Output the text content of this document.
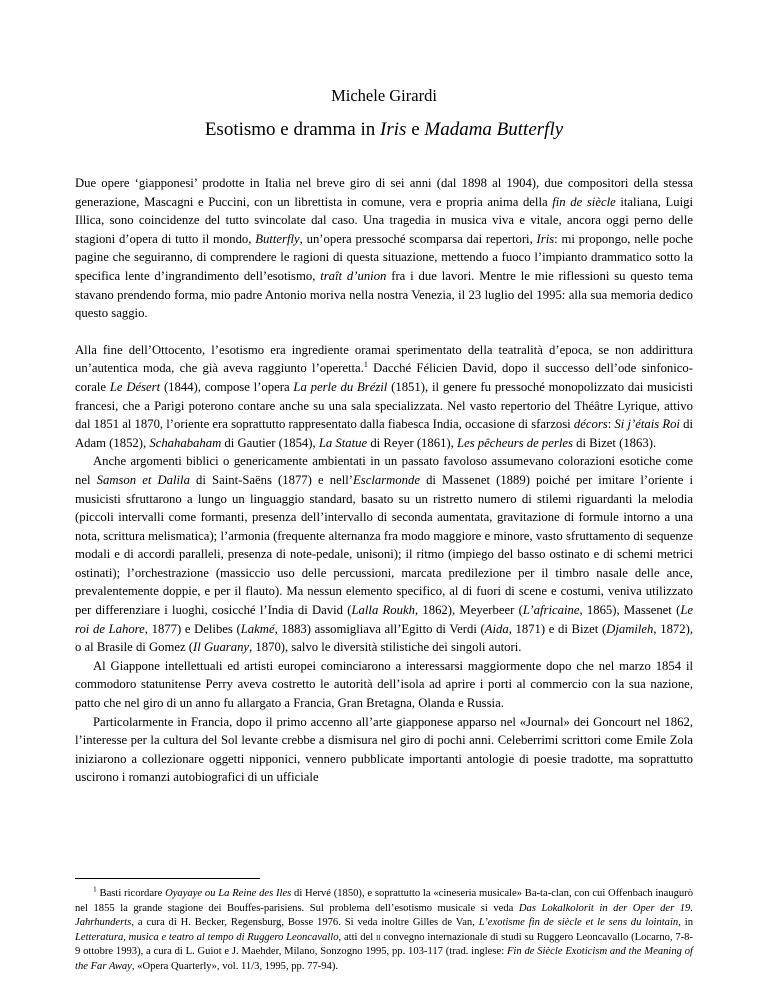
Michele Girardi
Esotismo e dramma in Iris e Madama Butterfly

Due opere ‘giapponesi’ prodotte in Italia nel breve giro di sei anni (dal 1898 al 1904), due compositori della stessa generazione, Mascagni e Puccini, con un librettista in comune, vera e propria anima della fin de siècle italiana, Luigi Illica, sono coincidenze del tutto svincolate dal caso. Una tragedia in musica viva e vitale, ancora oggi perno delle stagioni d’opera di tutto il mondo, Butterfly, un’opera pressoché scomparsa dai repertori, Iris: mi propongo, nelle poche pagine che seguiranno, di comprendere le ragioni di questa situazione, mettendo a fuoco l’impianto drammatico sotto la specifica lente d’ingrandimento dell’esotismo, traît d’union fra i due lavori. Mentre le mie riflessioni su questo tema stavano prendendo forma, mio padre Antonio moriva nella nostra Venezia, il 23 luglio del 1995: alla sua memoria dedico questo saggio.

Alla fine dell’Ottocento, l’esotismo era ingrediente oramai sperimentato della teatralità d’epoca, se non addirittura un’autentica moda, che già aveva raggiunto l’operetta.$^1$ Dacché Félicien David, dopo il successo dell’ode sinfonico-corale Le Désert (1844), compose l’opera La perle du Brézil (1851), il genere fu pressoché monopolizzato dai musicisti francesi, che a Parigi poterono contare anche su una sala specializzata. Nel vasto repertorio del Théâtre Lyrique, attivo dal 1851 al 1870, l’oriente era soprattutto rappresentato dalla fiabesca India, occasione di sfarzosi décors: Si j’étais Roi di Adam (1852), Schahabaham di Gautier (1854), La Statue di Reyer (1861), Les pêcheurs de perles di Bizet (1863).

Anche argomenti biblici o genericamente ambientati in un passato favoloso assumevano colorazioni esotiche come nel Samson et Dalila di Saint-Saëns (1877) e nell’Esclarmonde di Massenet (1889) poiché per imitare l’oriente i musicisti sfruttarono a lungo un linguaggio standard, basato su un ristretto numero di stilemi riguardanti la melodia (piccoli intervalli come formanti, presenza dell’intervallo di seconda aumentata, gravitazione di formule intorno a una nota, scrittura melismatica); l’armonia (frequente alternanza fra modo maggiore e minore, vasto sfruttamento di sequenze modali e di accordi paralleli, presenza di note-pedale, unisoni); il ritmo (impiego del basso ostinato e di schemi metrici ostinati); l’orchestrazione (massiccio uso delle percussioni, marcata predilezione per il timbro nasale delle ance, prevalentemente doppie, e per il flauto). Ma nessun elemento specifico, al di fuori di scene e costumi, veniva utilizzato per differenziare i luoghi, cosicché l’India di David (Lalla Roukh, 1862), Meyerbeer (L’africaine, 1865), Massenet (Le roi de Lahore, 1877) e Delibes (Lakmé, 1883) assomigliava all’Egitto di Verdi (Aida, 1871) e di Bizet (Djamileh, 1872), o al Brasile di Gomez (Il Guarany, 1870), salvo le diversità stilistiche dei singoli autori.

Al Giappone intellettuali ed artisti europei cominciarono a interessarsi maggiormente dopo che nel marzo 1854 il commodoro statunitense Perry aveva costretto le autorità dell’isola ad aprire i porti al commercio con la sua nazione, patto che nel giro di un anno fu allargato a Francia, Gran Bretagna, Olanda e Russia.

Particolarmente in Francia, dopo il primo accenno all’arte giapponese apparso nel «Journal» dei Goncourt nel 1862, l’interesse per la cultura del Sol levante crebbe a dismisura nel giro di pochi anni. Celeberrimi scrittori come Emile Zola iniziarono a collezionare oggetti nipponici, vennero pubblicate importanti antologie di poesie tradotte, ma soprattutto uscirono i romanzi autobiografici di un ufficiale

$^1$ Basti ricordare Oyayaye ou La Reine des Iles di Hervé (1850), e soprattutto la «cineseria musicale» Ba-ta-clan, con cui Offenbach inaugurò nel 1855 la grande stagione dei Bouffes-parisiens. Sul problema dell’esotismo musicale si veda Das Lokalkolorit in der Oper der 19. Jahrhunderts, a cura di H. Becker, Regensburg, Bosse 1976. Si veda inoltre Gilles de Van, L’exotisme fin de siècle et le sens du lointain, in Letteratura, musica e teatro al tempo di Ruggero Leoncavallo, atti del ii convegno internazionale di studi su Ruggero Leoncavallo (Locarno, 7-8-9 ottobre 1993), a cura di L. Guiot e J. Maehder, Milano, Sonzogno 1995, pp. 103-117 (trad. inglese: Fin de Siècle Exoticism and the Meaning of the Far Away, «Opera Quarterly», vol. 11/3, 1995, pp. 77-94).
